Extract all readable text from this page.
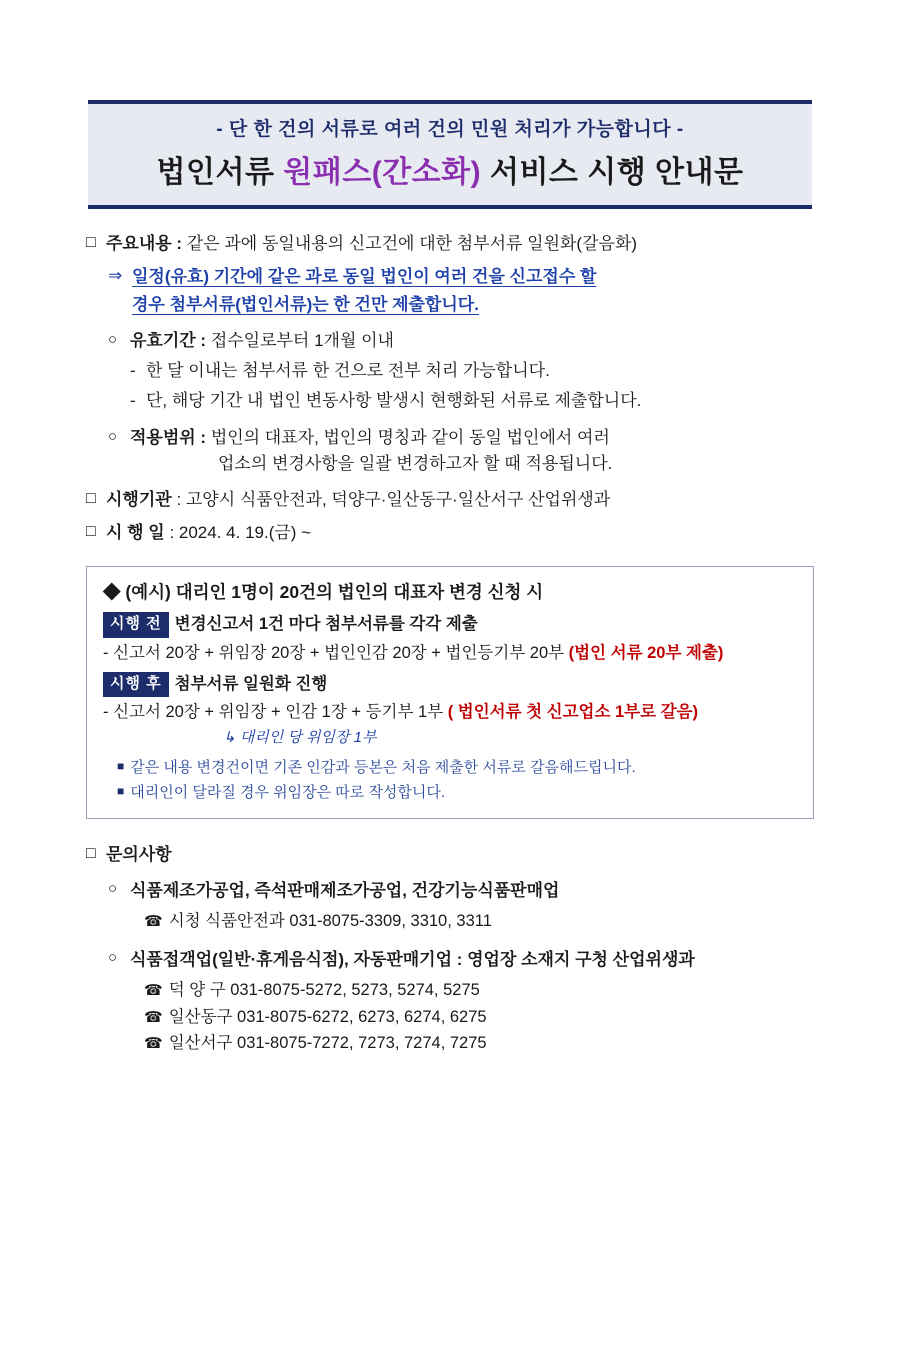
- 단 한 건의 서류로 여러 건의 민원 처리가 가능합니다 -
법인서류 원패스(간소화) 서비스 시행 안내문
□ 주요내용 : 같은 과에 동일내용의 신고건에 대한 첨부서류 일원화(갈음화)
⇒ 일정(유효) 기간에 같은 과로 동일 법인이 여러 건을 신고접수 할
경우 첨부서류(법인서류)는 한 건만 제출합니다.
○ 유효기간 : 접수일로부터 1개월 이내
- 한 달 이내는 첨부서류 한 건으로 전부 처리 가능합니다.
- 단, 해당 기간 내 법인 변동사항 발생시 현행화된 서류로 제출합니다.
○ 적용범위 : 법인의 대표자, 법인의 명칭과 같이 동일 법인에서 여러
업소의 변경사항을 일괄 변경하고자 할 때 적용됩니다.
□ 시행기관 : 고양시 식품안전과, 덕양구·일산동구·일산서구 산업위생과
□ 시 행 일 : 2024. 4. 19.(금) ~
◆ (예시) 대리인 1명이 20건의 법인의 대표자 변경 신청 시
시행 전 변경신고서 1건 마다 첨부서류를 각각 제출
- 신고서 20장 + 위임장 20장 + 법인인감 20장 + 법인등기부 20부 (법인 서류 20부 제출)
시행 후 첨부서류 일원화 진행
- 신고서 20장 + 위임장 + 인감 1장 + 등기부 1부 ( 법인서류 첫 신고업소 1부로 갈음)
↳ 대리인 당 위임장 1부
■ 같은 내용 변경건이면 기존 인감과 등본은 처음 제출한 서류로 갈음해드립니다.
■ 대리인이 달라질 경우 위임장은 따로 작성합니다.
□ 문의사항
○ 식품제조가공업, 즉석판매제조가공업, 건강기능식품판매업
☎ 시청 식품안전과 031-8075-3309, 3310, 3311
○ 식품접객업(일반·휴게음식점), 자동판매기업 : 영업장 소재지 구청 산업위생과
☎ 덕 양 구 031-8075-5272, 5273, 5274, 5275
☎ 일산동구 031-8075-6272, 6273, 6274, 6275
☎ 일산서구 031-8075-7272, 7273, 7274, 7275
